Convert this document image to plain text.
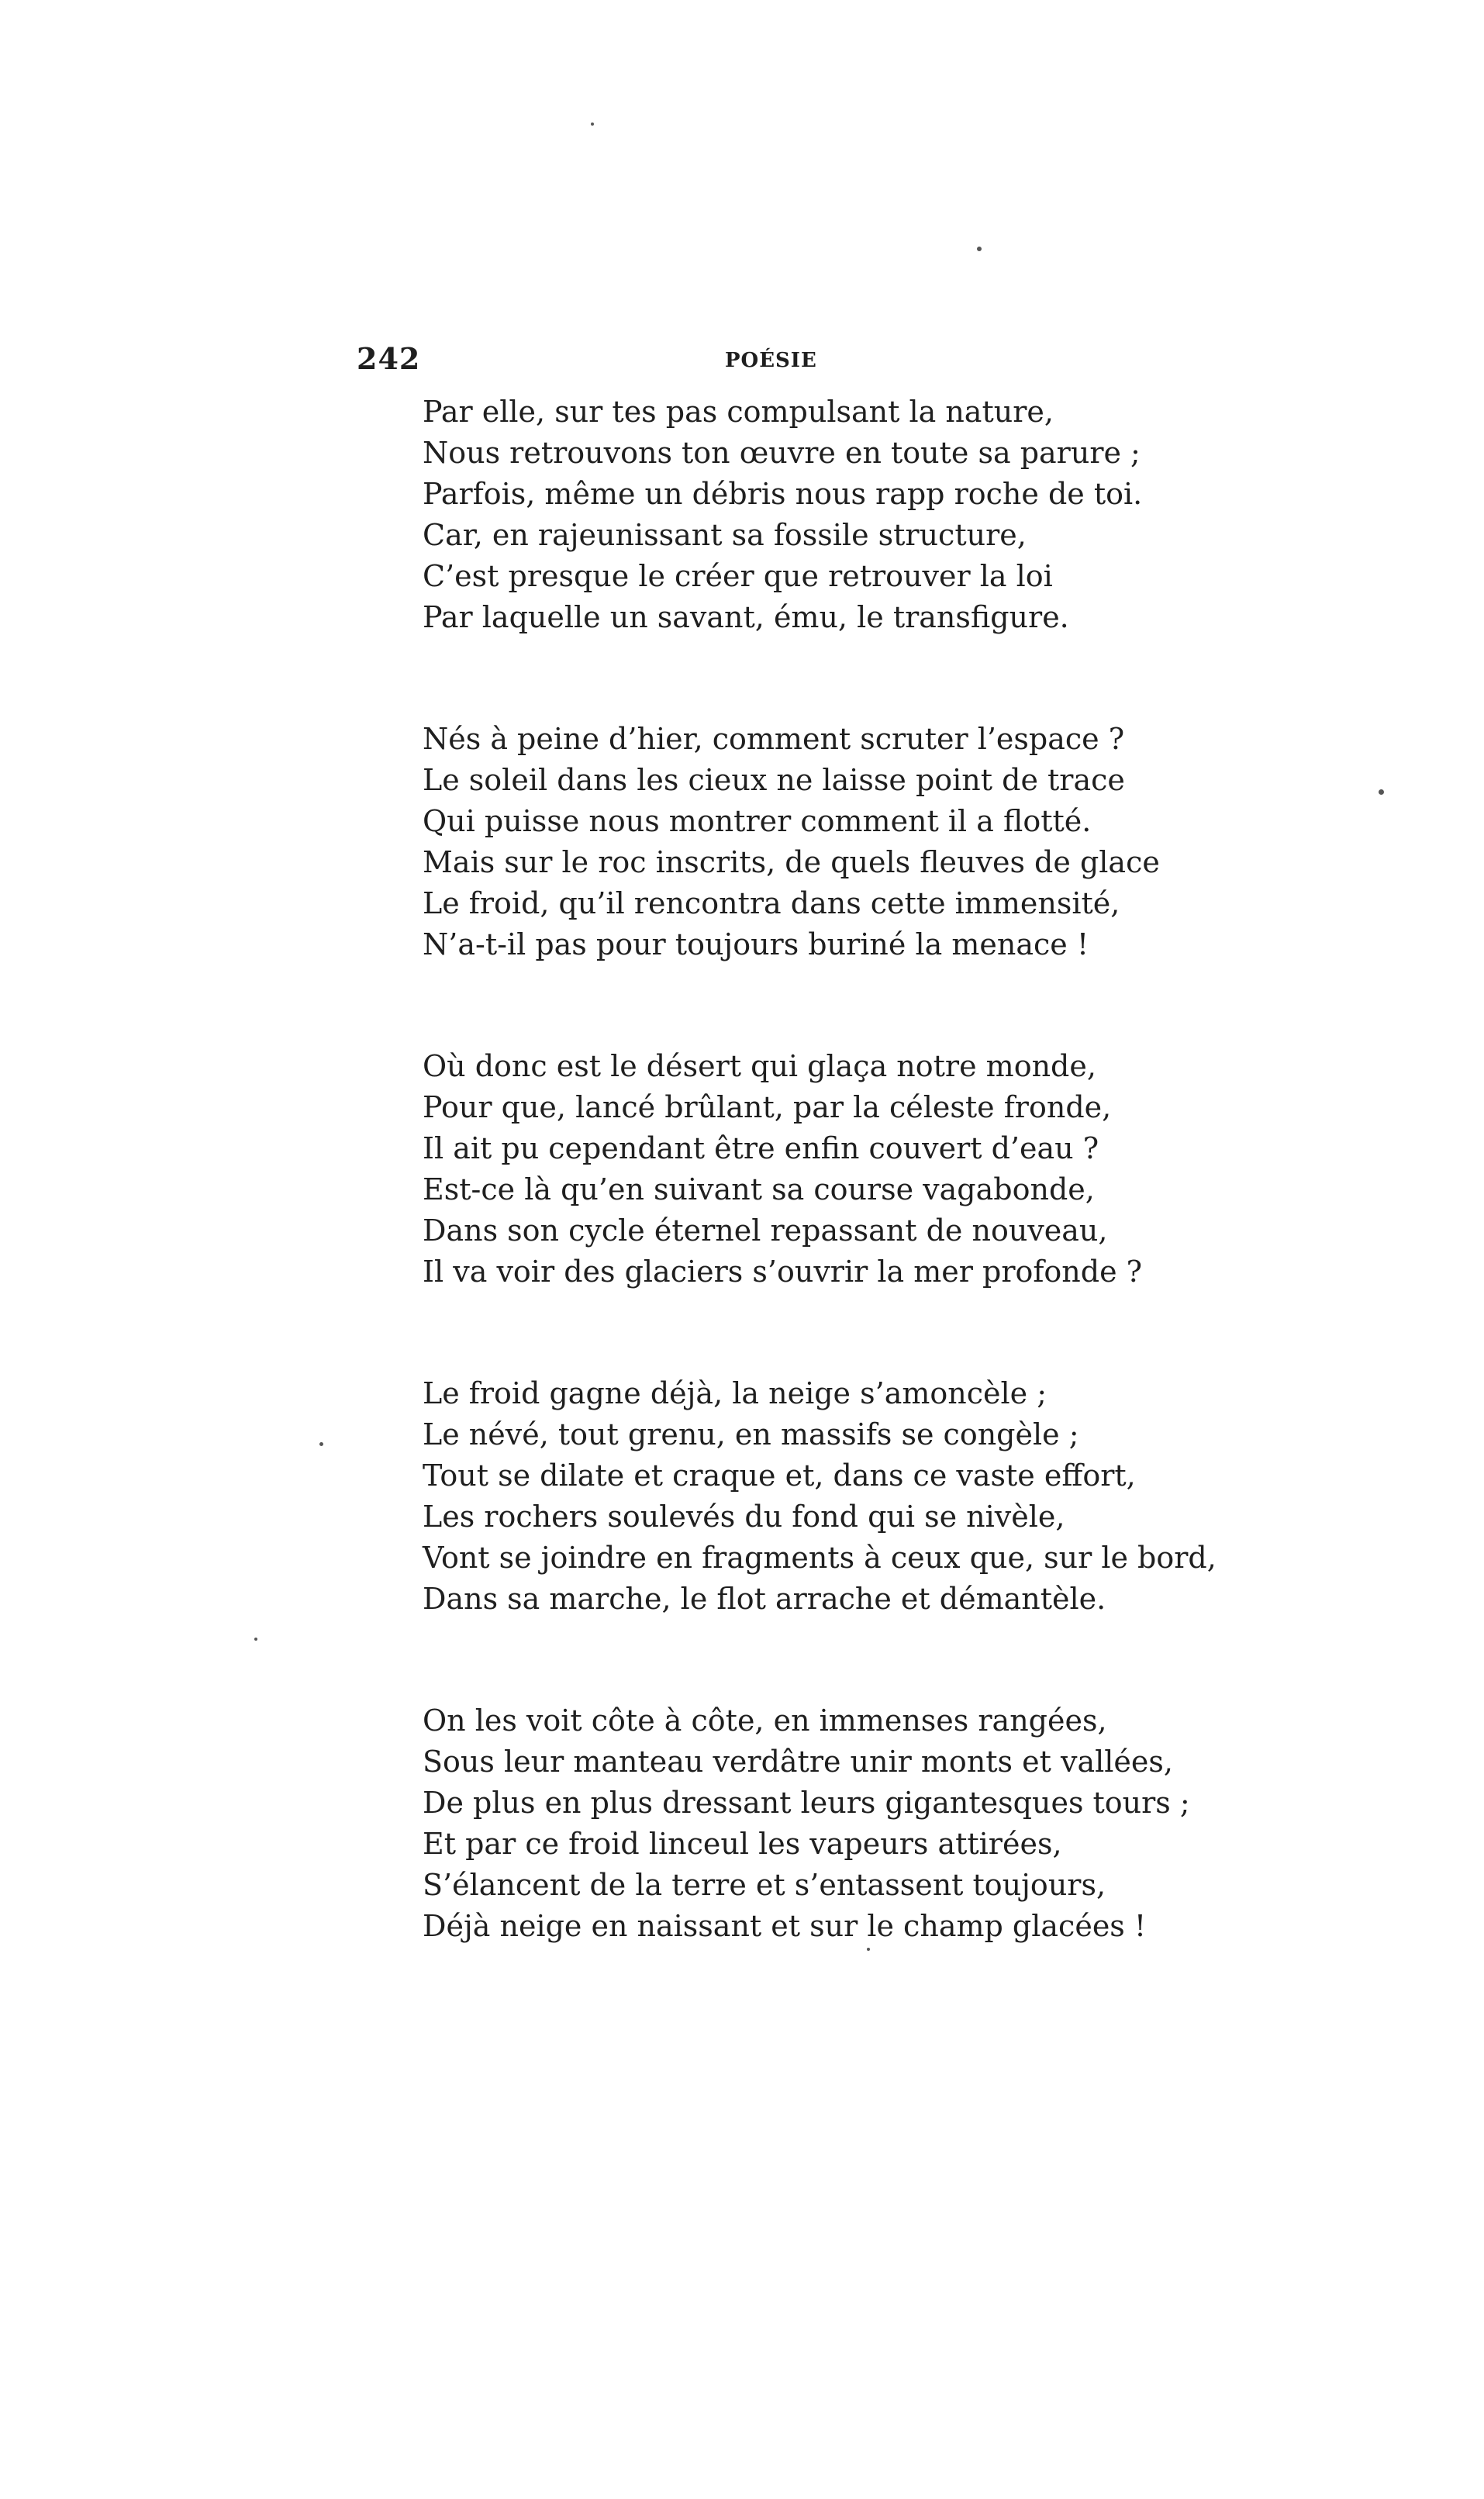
242	POÉSIE
Par elle, sur tes pas compulsant la nature,
Nous retrouvons ton œuvre en toute sa parure ;
Parfois, même un débris nous rapp roche de toi.
Car, en rajeunissant sa fossile structure,
C’est presque le créer que retrouver la loi
Par laquelle un savant, ému, le transfigure.
Nés à peine d’hier, comment scruter l’espace ?
Le soleil dans les cieux ne laisse point de trace
Qui puisse nous montrer comment il a flotté.
Mais sur le roc inscrits, de quels fleuves de glace
Le froid, qu’il rencontra dans cette immensité,
N’a-t-il pas pour toujours buriné la menace !
Où donc est le désert qui glaça notre monde,
Pour que, lancé brûlant, par la céleste fronde,
Il ait pu cependant être enfin couvert d’eau ?
Est-ce là qu’en suivant sa course vagabonde,
Dans son cycle éternel repassant de nouveau,
Il va voir des glaciers s’ouvrir la mer profonde ?
Le froid gagne déjà, la neige s’amoncèle ;
Le névé, tout grenu, en massifs se congèle ;
Tout se dilate et craque et, dans ce vaste effort,
Les rochers soulevés du fond qui se nivèle,
Vont se joindre en fragments à ceux que, sur le bord,
Dans sa marche, le flot arrache et démantèle.
On les voit côte à côte, en immenses rangées,
Sous leur manteau verdâtre unir monts et vallées,
De plus en plus dressant leurs gigantesques tours ;
Et par ce froid linceul les vapeurs attirées,
S’élancent de la terre et s’entassent toujours,
Déjà neige en naissant et sur le champ glacées !
